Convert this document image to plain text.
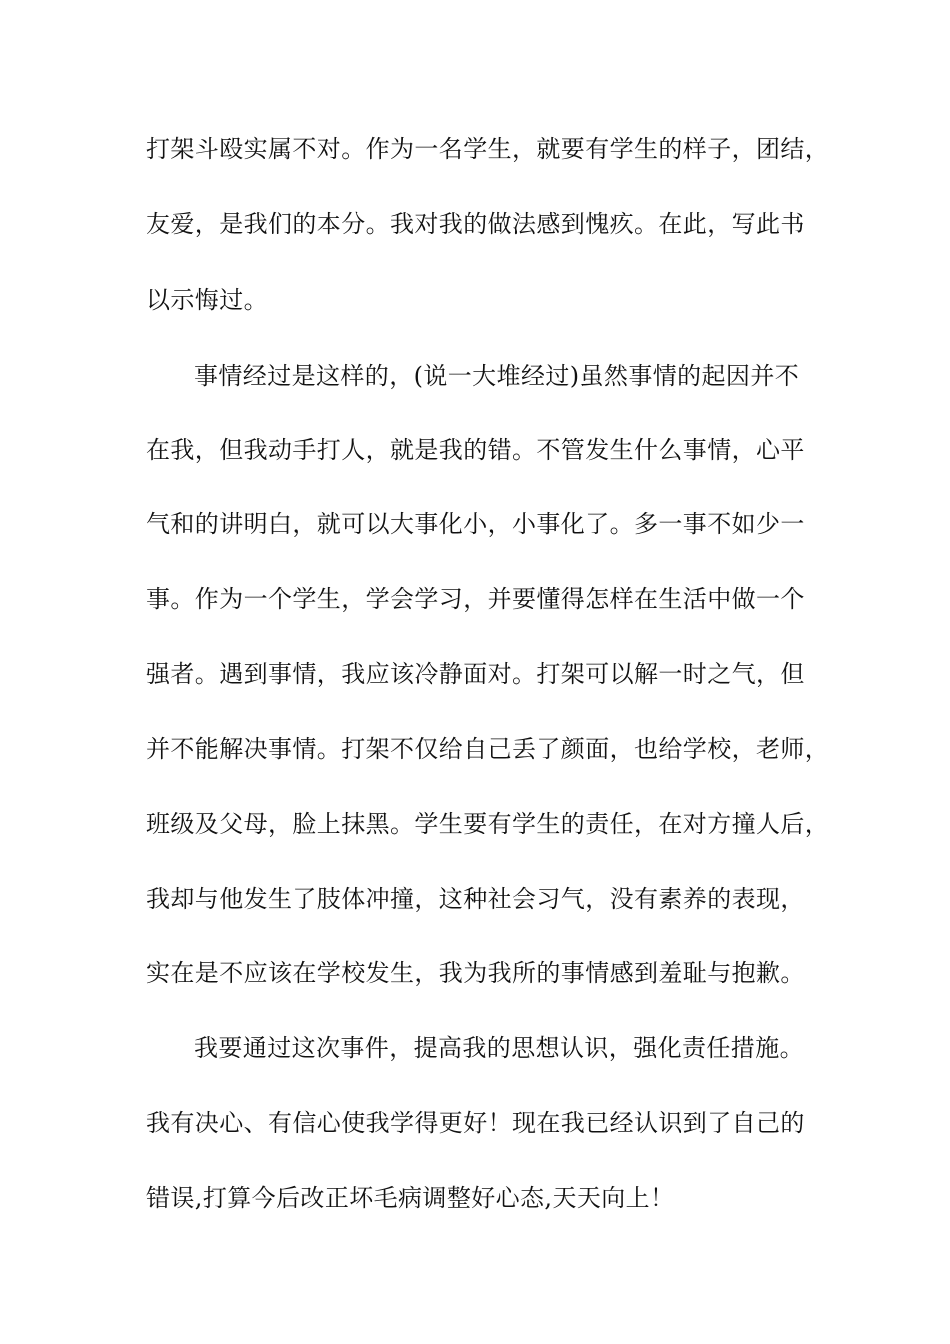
打架斗殴实属不对。作为一名学生，就要有学生的样子，团结，
友爱，是我们的本分。我对我的做法感到愧疚。在此，写此书
以示悔过。
事情经过是这样的，(说一大堆经过)虽然事情的起因并不
在我，但我动手打人，就是我的错。不管发生什么事情，心平
气和的讲明白，就可以大事化小，小事化了。多一事不如少一
事。作为一个学生，学会学习，并要懂得怎样在生活中做一个
强者。遇到事情，我应该冷静面对。打架可以解一时之气，但
并不能解决事情。打架不仅给自己丢了颜面，也给学校，老师，
班级及父母，脸上抹黑。学生要有学生的责任，在对方撞人后，
我却与他发生了肢体冲撞，这种社会习气，没有素养的表现，
实在是不应该在学校发生，我为我所的事情感到羞耻与抱歉。
我要通过这次事件，提高我的思想认识，强化责任措施。
我有决心、有信心使我学得更好！现在我已经认识到了自己的
错误,打算今后改正坏毛病调整好心态,天天向上！
